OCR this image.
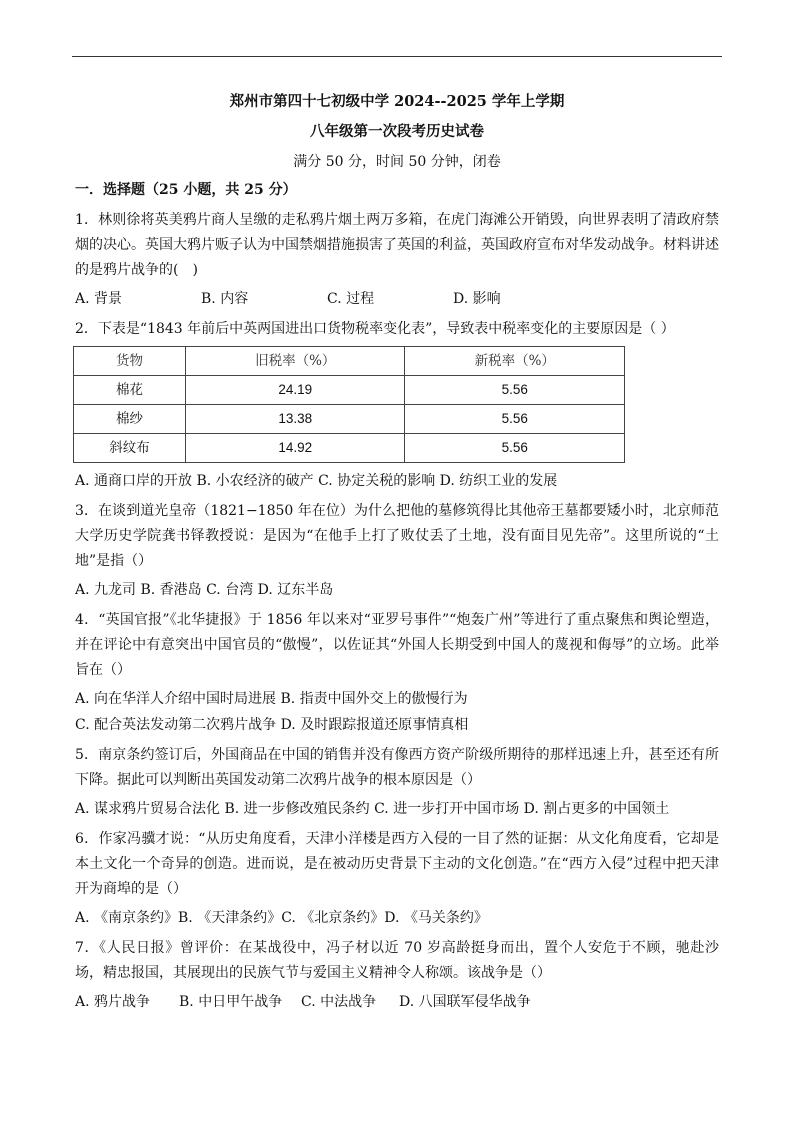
郑州市第四十七初级中学 2024--2025 学年上学期
八年级第一次段考历史试卷
满分 50 分，时间 50 分钟，闭卷
一．选择题（25 小题，共 25 分）
1．林则徐将英美鸦片商人呈缴的走私鸦片烟土两万多箱，在虎门海滩公开销毁，向世界表明了清政府禁烟的决心。英国大鸦片贩子认为中国禁烟措施损害了英国的利益，英国政府宣布对华发动战争。材料讲述的是鸦片战争的(　)
A. 背景	B. 内容	C. 过程	D. 影响
2．下表是“1843 年前后中英两国进出口货物税率变化表”，导致表中税率变化的主要原因是（ ）
货物	旧税率（%）	新税率（%）
棉花	24.19	5.56
棉纱	13.38	5.56
斜纹布	14.92	5.56
A. 通商口岸的开放 B. 小农经济的破产 C. 协定关税的影响 D. 纺织工业的发展
3．在谈到道光皇帝（1821−1850 年在位）为什么把他的墓修筑得比其他帝王墓都要矮小时，北京师范大学历史学院龚书铎教授说：是因为“在他手上打了败仗丢了土地，没有面目见先帝”。这里所说的“土地”是指（）
A. 九龙司 B. 香港岛 C. 台湾 D. 辽东半岛
4．“英国官报”《北华捷报》于 1856 年以来对“亚罗号事件”“炮轰广州”等进行了重点聚焦和舆论塑造，并在评论中有意突出中国官员的“傲慢”，以佐证其“外国人长期受到中国人的蔑视和侮辱”的立场。此举旨在（）
A. 向在华洋人介绍中国时局进展 B. 指责中国外交上的傲慢行为
C. 配合英法发动第二次鸦片战争 D. 及时跟踪报道还原事情真相
5．南京条约签订后，外国商品在中国的销售并没有像西方资产阶级所期待的那样迅速上升，甚至还有所下降。据此可以判断出英国发动第二次鸦片战争的根本原因是（）
A. 谋求鸦片贸易合法化 B. 进一步修改殖民条约 C. 进一步打开中国市场 D. 割占更多的中国领土
6．作家冯骥才说：“从历史角度看，天津小洋楼是西方入侵的一目了然的证据：从文化角度看，它却是本土文化一个奇异的创造。进而说，是在被动历史背景下主动的文化创造。”在“西方入侵”过程中把天津开为商埠的是（）
A. 《南京条约》B. 《天津条约》C. 《北京条约》D. 《马关条约》
7．《人民日报》曾评价：在某战役中，冯子材以近 70 岁高龄挺身而出，置个人安危于不顾，驰赴沙场，精忠报国，其展现出的民族气节与爱国主义精神令人称颂。该战争是（）
A. 鸦片战争 B. 中日甲午战争 C. 中法战争 D. 八国联军侵华战争
